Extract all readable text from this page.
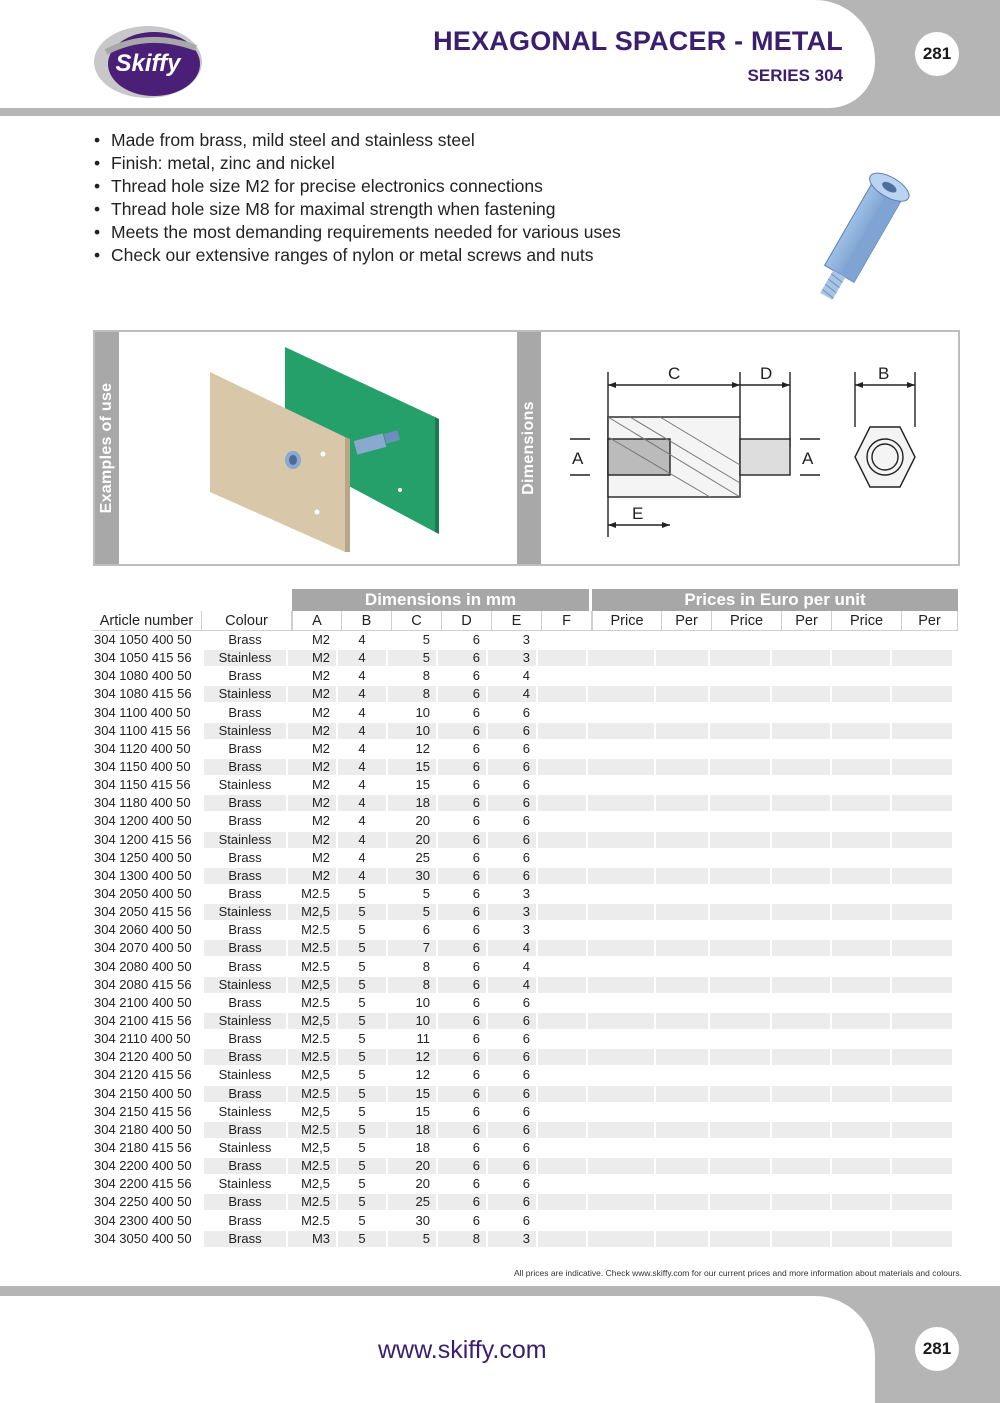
Skiffy
HEXAGONAL SPACER - METAL
SERIES 304
281
• Made from brass, mild steel and stainless steel
• Finish: metal, zinc and nickel
• Thread hole size M2 for precise electronics connections
• Thread hole size M8 for maximal strength when fastening
• Meets the most demanding requirements needed for various uses
• Check our extensive ranges of nylon or metal screws and nuts
Examples of use	Dimensions
C	D	B
A	A
E
Dimensions in mm	Prices in Euro per unit
Article number	Colour	A	B	C	D	E	F	Price	Per	Price	Per	Price	Per
304 1050 400 50	Brass	M2	4	5	6	3
304 1050 415 56	Stainless	M2	4	5	6	3
304 1080 400 50	Brass	M2	4	8	6	4
304 1080 415 56	Stainless	M2	4	8	6	4
304 1100 400 50	Brass	M2	4	10	6	6
304 1100 415 56	Stainless	M2	4	10	6	6
304 1120 400 50	Brass	M2	4	12	6	6
304 1150 400 50	Brass	M2	4	15	6	6
304 1150 415 56	Stainless	M2	4	15	6	6
304 1180 400 50	Brass	M2	4	18	6	6
304 1200 400 50	Brass	M2	4	20	6	6
304 1200 415 56	Stainless	M2	4	20	6	6
304 1250 400 50	Brass	M2	4	25	6	6
304 1300 400 50	Brass	M2	4	30	6	6
304 2050 400 50	Brass	M2.5	5	5	6	3
304 2050 415 56	Stainless	M2,5	5	5	6	3
304 2060 400 50	Brass	M2.5	5	6	6	3
304 2070 400 50	Brass	M2.5	5	7	6	4
304 2080 400 50	Brass	M2.5	5	8	6	4
304 2080 415 56	Stainless	M2,5	5	8	6	4
304 2100 400 50	Brass	M2.5	5	10	6	6
304 2100 415 56	Stainless	M2,5	5	10	6	6
304 2110 400 50	Brass	M2.5	5	11	6	6
304 2120 400 50	Brass	M2.5	5	12	6	6
304 2120 415 56	Stainless	M2,5	5	12	6	6
304 2150 400 50	Brass	M2.5	5	15	6	6
304 2150 415 56	Stainless	M2,5	5	15	6	6
304 2180 400 50	Brass	M2.5	5	18	6	6
304 2180 415 56	Stainless	M2,5	5	18	6	6
304 2200 400 50	Brass	M2.5	5	20	6	6
304 2200 415 56	Stainless	M2,5	5	20	6	6
304 2250 400 50	Brass	M2.5	5	25	6	6
304 2300 400 50	Brass	M2.5	5	30	6	6
304 3050 400 50	Brass	M3	5	5	8	3
All prices are indicative. Check www.skiffy.com for our current prices and more information about materials and colours.
www.skiffy.com	281
